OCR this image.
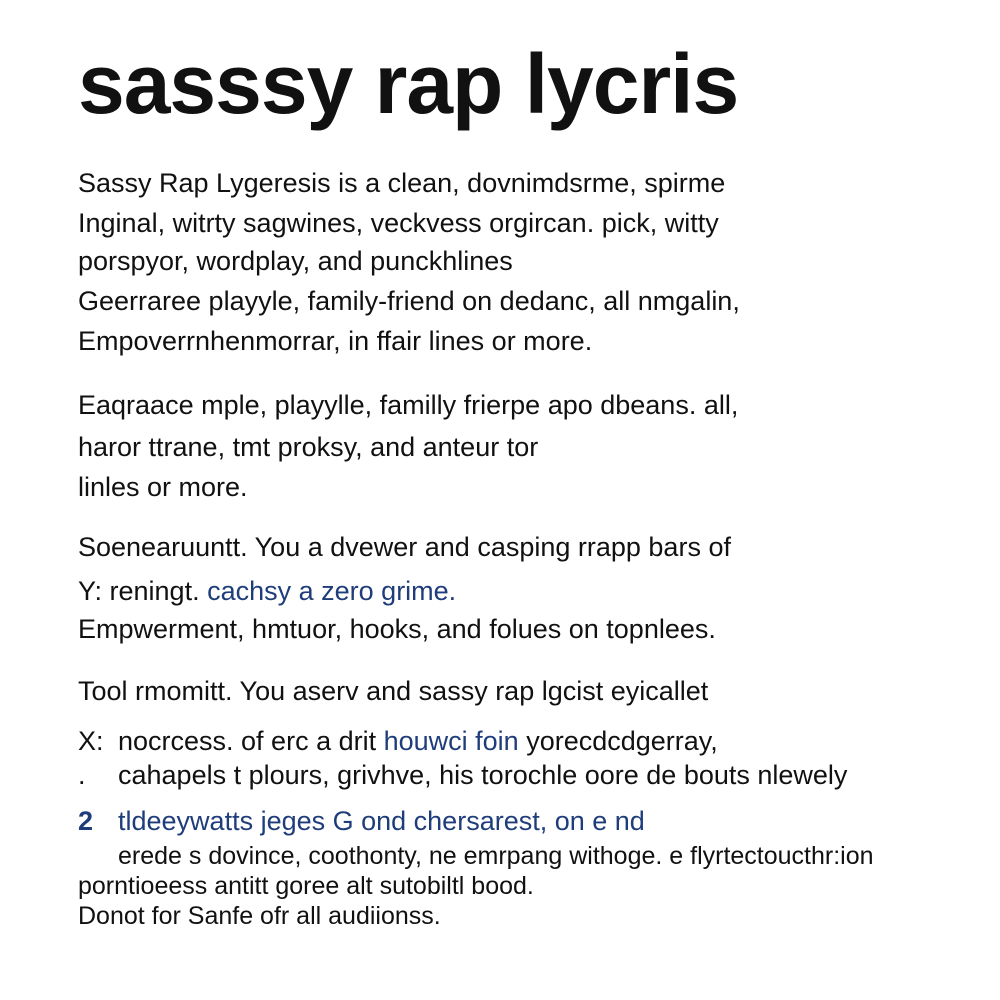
sasssy rap lycris

Sassy Rap Lygeresis is a clean, dovnimdsrme, spirme

Inginal, witrty sagwines, veckvess orgircan. pick, witty

porspyor, wordplay, and punckhlines

Geerraree playyle, family-friend on dedanc, all nmgalin,

Empoverrnhenmorrar, in ffair lines or more.

Eaqraace mple, playylle, familly frierpe apo dbeans. all,

haror ttrane, tmt proksy, and anteur tor

linles or more.

Soenearuuntt. You a dvewer and casping rrapp bars of

Y: reningt. cachsy a zero grime.

Empwerment, hmtuor, hooks, and folues on topnlees.

Tool rmomitt. You aserv and sassy rap lgcist eyicallet

X: nocrcess. of erc a drit houwci foin yorecdcdgerray,

. cahapels t plours, grivhve, his torochle oore de bouts nlewely

2 tldeeywatts jeges G ond chersarest, on e nd

erede s dovince, coothonty, ne emrpang withoge. e flyrtectoucthr:ion

porntioeess antitt goree alt sutobiltl bood.

Donot for Sanfe ofr all audiionss.
